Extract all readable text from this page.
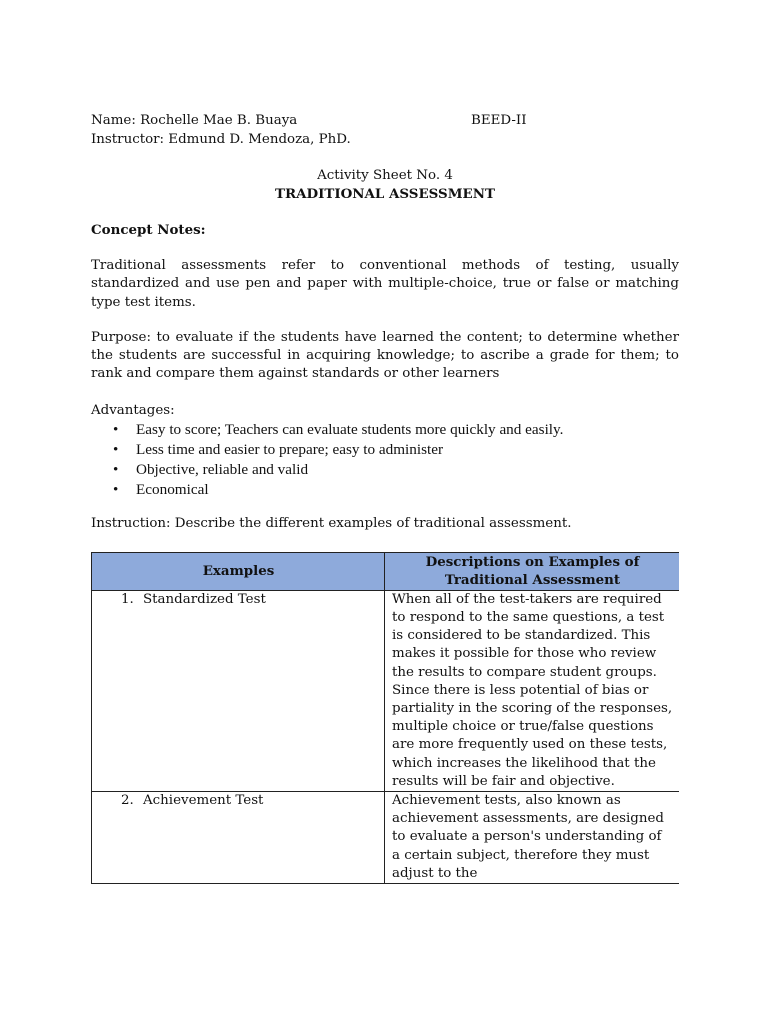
Name: Rochelle Mae B. Buaya	BEED-II
Instructor: Edmund D. Mendoza, PhD.
Activity Sheet No. 4
TRADITIONAL ASSESSMENT
Concept Notes:
Traditional assessments refer to conventional methods of testing, usually standardized and use pen and paper with multiple-choice, true or false or matching type test items.
Purpose: to evaluate if the students have learned the content; to determine whether the students are successful in acquiring knowledge; to ascribe a grade for them; to rank and compare them against standards or other learners
Advantages:
• Easy to score; Teachers can evaluate students more quickly and easily.
• Less time and easier to prepare; easy to administer
• Objective, reliable and valid
• Economical
Instruction: Describe the different examples of traditional assessment.
Examples	Descriptions on Examples of Traditional Assessment
1. Standardized Test	When all of the test-takers are required to respond to the same questions, a test is considered to be standardized. This makes it possible for those who review the results to compare student groups. Since there is less potential of bias or partiality in the scoring of the responses, multiple choice or true/false questions are more frequently used on these tests, which increases the likelihood that the results will be fair and objective.
2. Achievement Test	Achievement tests, also known as achievement assessments, are designed to evaluate a person's understanding of a certain subject, therefore they must adjust to the
